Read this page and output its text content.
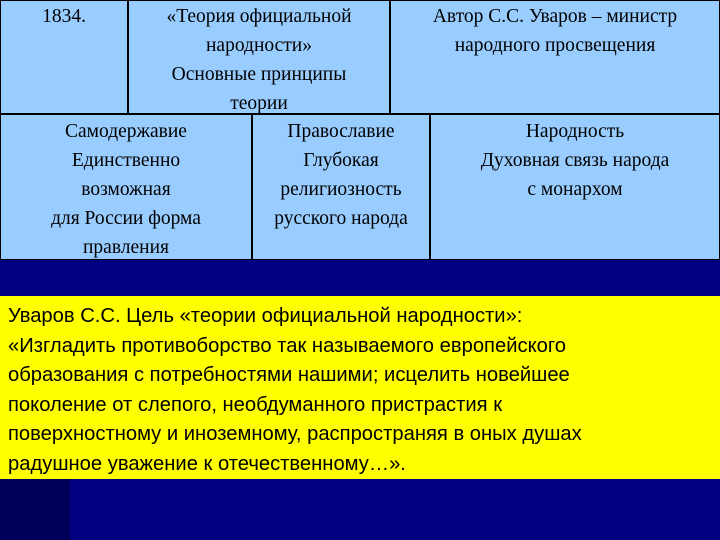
1834.	«Теория официальной
народности»
Основные принципы
теории
Автор С.С. Уваров – министр
народного просвещения
Самодержавие
Единственно
возможная
для России форма
правления
Православие
Глубокая
религиозность
русского народа
Народность
Духовная связь народа
с монархом
Уваров С.С. Цель «теории официальной народности»:
«Изгладить противоборство так называемого европейского
образования с потребностями нашими; исцелить новейшее
поколение от слепого, необдуманного пристрастия к
поверхностному и иноземному, распространяя в оных душах
радушное уважение к отечественному…».
